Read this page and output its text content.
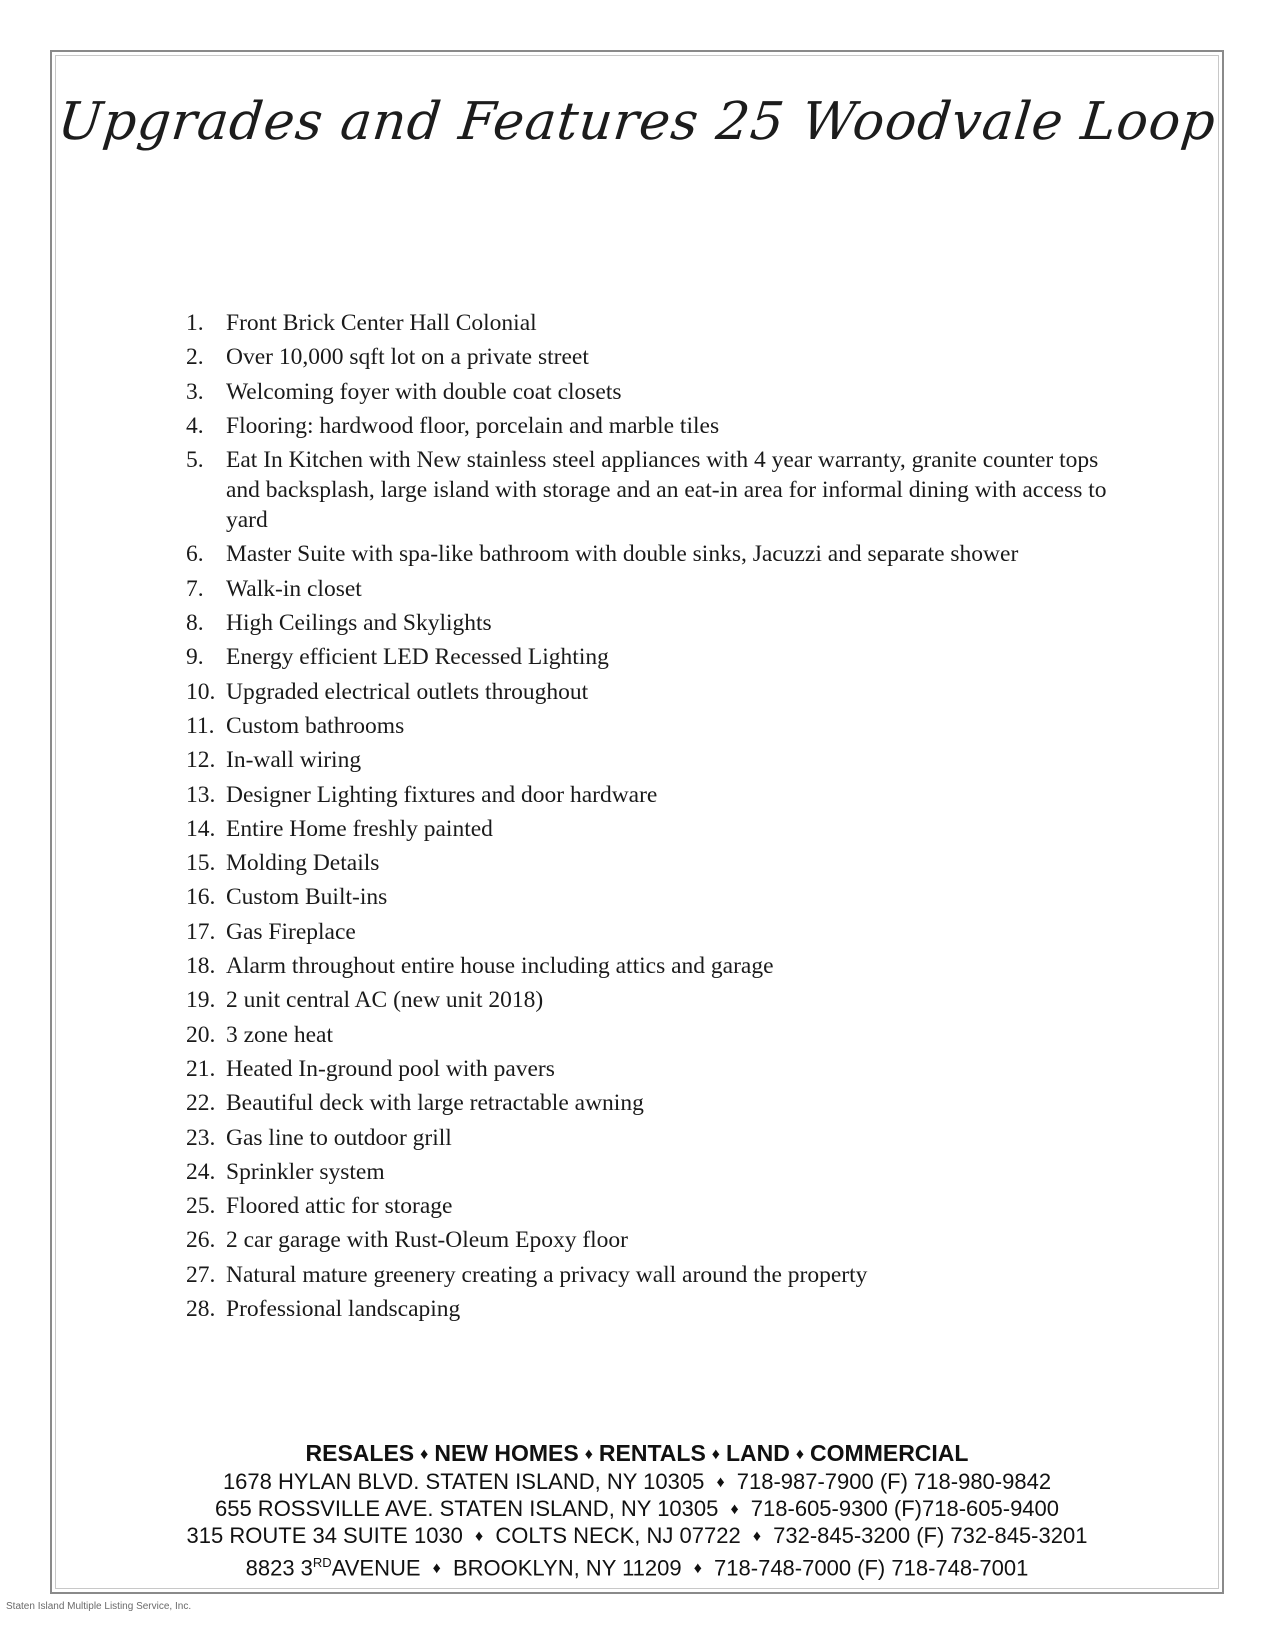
Upgrades and Features 25 Woodvale Loop
1. Front Brick Center Hall Colonial
2. Over 10,000 sqft lot on a private street
3. Welcoming foyer with double coat closets
4. Flooring: hardwood floor, porcelain and marble tiles
5. Eat In Kitchen with New stainless steel appliances with 4 year warranty, granite counter tops and backsplash, large island with storage and an eat-in area for informal dining with access to yard
6. Master Suite with spa-like bathroom with double sinks, Jacuzzi and separate shower
7. Walk-in closet
8. High Ceilings and Skylights
9. Energy efficient LED Recessed Lighting
10. Upgraded electrical outlets throughout
11. Custom bathrooms
12. In-wall wiring
13. Designer Lighting fixtures and door hardware
14. Entire Home freshly painted
15. Molding Details
16. Custom Built-ins
17. Gas Fireplace
18. Alarm throughout entire house including attics and garage
19. 2 unit central AC (new unit 2018)
20. 3 zone heat
21. Heated In-ground pool with pavers
22. Beautiful deck with large retractable awning
23. Gas line to outdoor grill
24. Sprinkler system
25. Floored attic for storage
26. 2 car garage with Rust-Oleum Epoxy floor
27. Natural mature greenery creating a privacy wall around the property
28. Professional landscaping
RESALES ♦ NEW HOMES ♦ RENTALS ♦ LAND ♦ COMMERCIAL
1678 HYLAN BLVD. STATEN ISLAND, NY 10305 ♦ 718-987-7900 (F) 718-980-9842
655 ROSSVILLE AVE. STATEN ISLAND, NY 10305 ♦ 718-605-9300 (F)718-605-9400
315 ROUTE 34 SUITE 1030 ♦ COLTS NECK, NJ 07722 ♦ 732-845-3200 (F) 732-845-3201
8823 3RDAVENUE ♦ BROOKLYN, NY 11209 ♦ 718-748-7000 (F) 718-748-7001
Staten Island Multiple Listing Service, Inc.
